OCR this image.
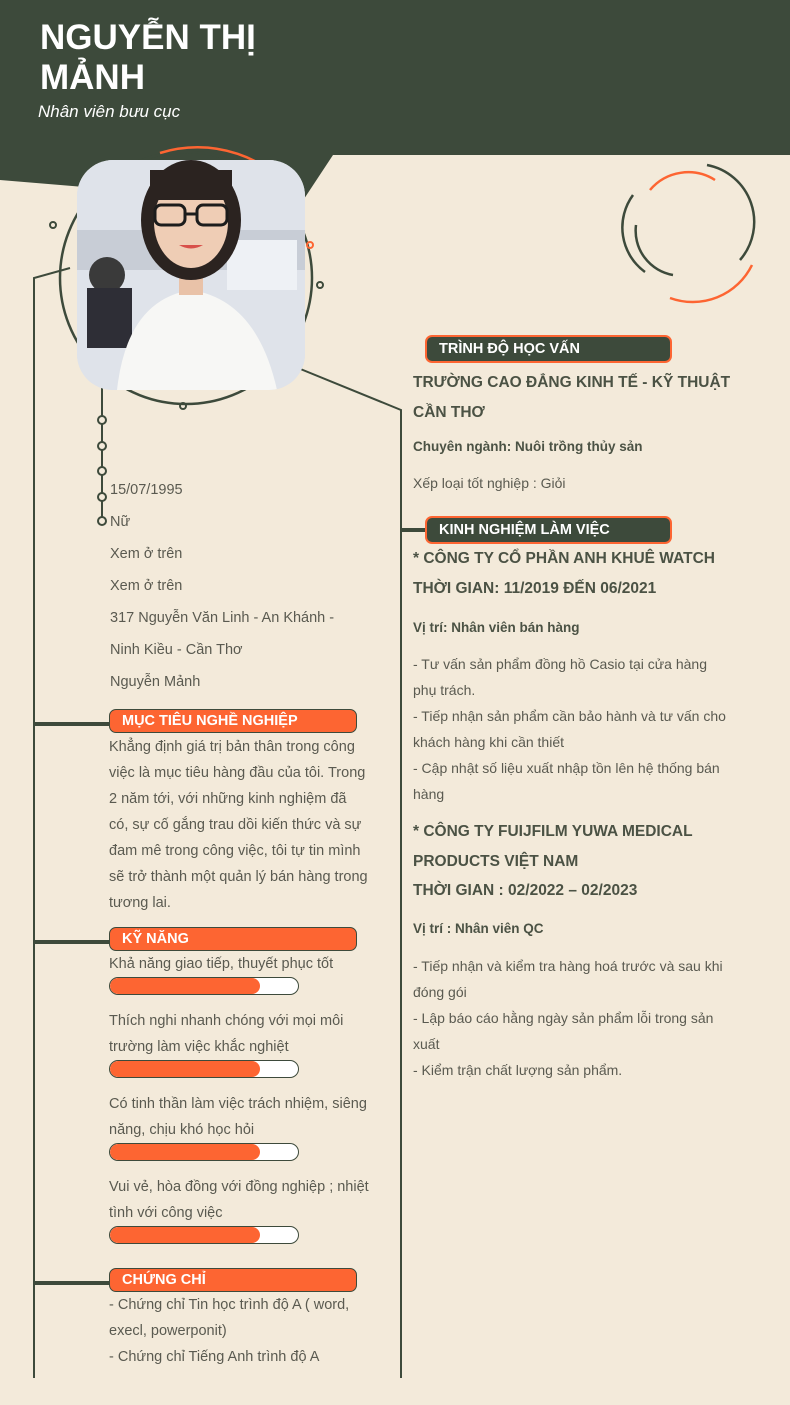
NGUYỄN THỊ MẢNH
Nhân viên bưu cục
15/07/1995
Nữ
Xem ở trên
Xem ở trên
317 Nguyễn Văn Linh - An Khánh -
Ninh Kiều - Cần Thơ
Nguyễn Mảnh
MỤC TIÊU NGHỀ NGHIỆP
Khẳng định giá trị bản thân trong công việc là mục tiêu hàng đầu của tôi. Trong 2 năm tới, với những kinh nghiệm đã có, sự cố gắng trau dồi kiến thức và sự đam mê trong công việc, tôi tự tin mình sẽ trở thành một quản lý bán hàng trong tương lai.
KỸ NĂNG
Khả năng giao tiếp, thuyết phục tốt
Thích nghi nhanh chóng với mọi môi trường làm việc khắc nghiệt
Có tinh thần làm việc trách nhiệm, siêng năng, chịu khó học hỏi
Vui vẻ, hòa đồng với đồng nghiệp ; nhiệt tình với công việc
CHỨNG CHỈ
- Chứng chỉ Tin học trình độ A ( word, execl, powerponit)
- Chứng chỉ Tiếng Anh trình độ A
TRÌNH ĐỘ HỌC VẤN
TRƯỜNG CAO ĐẲNG KINH TẾ - KỸ THUẬT CẦN THƠ
Chuyên ngành: Nuôi trồng thủy sản
Xếp loại tốt nghiệp : Giỏi
KINH NGHIỆM LÀM VIỆC
* CÔNG TY CỔ PHẦN ANH KHUÊ WATCH
THỜI GIAN: 11/2019 ĐẾN 06/2021
Vị trí: Nhân viên bán hàng
- Tư vấn sản phẩm đồng hồ Casio tại cửa hàng phụ trách.
- Tiếp nhận sản phẩm cần bảo hành và tư vấn cho khách hàng khi cần thiết
- Cập nhật số liệu xuất nhập tồn lên hệ thống bán hàng
* CÔNG TY FUIJFILM YUWA MEDICAL PRODUCTS VIỆT NAM
THỜI GIAN : 02/2022 – 02/2023
Vị trí : Nhân viên QC
- Tiếp nhận và kiểm tra hàng hoá trước và sau khi đóng gói
- Lập báo cáo hằng ngày sản phẩm lỗi trong sản xuất
- Kiểm trận chất lượng sản phẩm.
